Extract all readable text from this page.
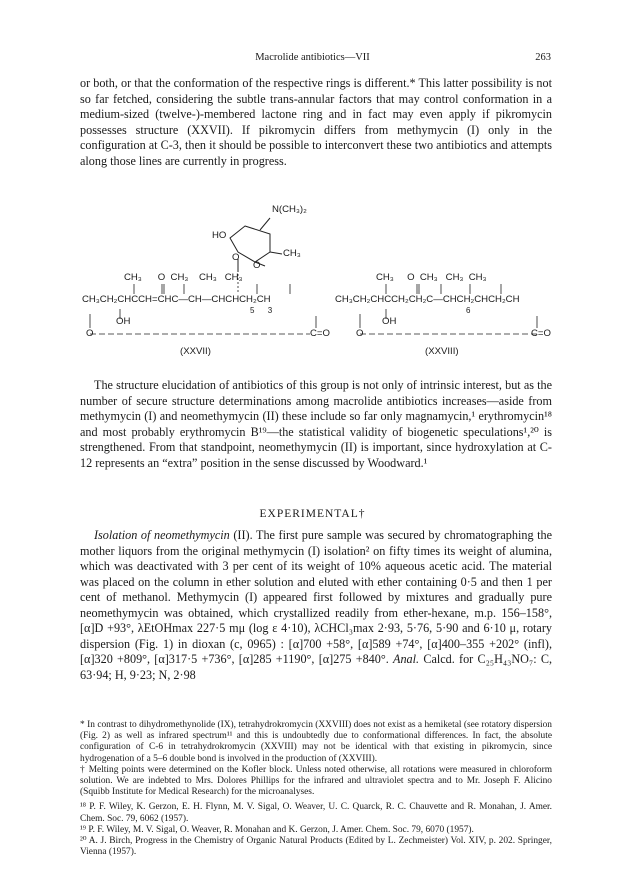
Macrolide antibiotics—VII	263

or both, or that the conformation of the respective rings is different.* This latter possibility is not so far fetched, considering the subtle trans-annular factors that may control conformation in a medium-sized (twelve-)-membered lactone ring and in fact may even apply if pikromycin possesses structure (XXVII). If pikromycin differs from methymycin (I) only in the configuration at C-3, then it should be possible to interconvert these two antibiotics and attempts along those lines are currently in progress.

N(CH₃)₂
HO
O
O	CH₃
CH₃      O  CH₃    CH₃   CH₃
CH₃CH₂CHCCH=CHC—CH—CHCHCH₂CH
5      3
OH
O	C=O
(XXVII)
CH₃     O  CH₃   CH₃  CH₃
CH₃CH₂CHCCH₂CH₂C—CHCH₂CHCH₂CH
6
OH
O	C=O
(XXVIII)

The structure elucidation of antibiotics of this group is not only of intrinsic interest, but as the number of secure structure determinations among macrolide antibiotics increases—aside from methymycin (I) and neomethymycin (II) these include so far only magnamycin,¹ erythromycin¹⁸ and most probably erythromycin B¹⁹—the statistical validity of biogenetic speculations¹,²⁰ is strengthened. From that standpoint, neomethymycin (II) is important, since hydroxylation at C-12 represents an “extra” position in the sense discussed by Woodward.¹

EXPERIMENTAL†

Isolation of neomethymycin (II). The first pure sample was secured by chromatographing the mother liquors from the original methymycin (I) isolation² on fifty times its weight of alumina, which was deactivated with 3 per cent of its weight of 10% aqueous acetic acid. The material was placed on the column in ether solution and eluted with ether containing 0·5 and then 1 per cent of methanol. Methymycin (I) appeared first followed by mixtures and gradually pure neomethymycin was obtained, which crystallized readily from ether-hexane, m.p. 156–158°, [α]D +93°, λEtOHmax 227·5 mμ (log ε 4·10), λCHCl₃max 2·93, 5·76, 5·90 and 6·10 μ, rotary dispersion (Fig. 1) in dioxan (c, 0965) : [α]700 +58°, [α]589 +74°, [α]400–355 +202° (infl), [α]320 +809°, [α]317·5 +736°, [α]285 +1190°, [α]275 +840°. Anal. Calcd. for C₂₅H₄₃NO₇: C, 63·94; H, 9·23; N, 2·98

* In contrast to dihydromethynolide (IX), tetrahydrokromycin (XXVIII) does not exist as a hemiketal (see rotatory dispersion (Fig. 2) as well as infrared spectrum¹¹ and this is undoubtedly due to conformational differences. In fact, the absolute configuration of C-6 in tetrahydrokromycin (XXVIII) may not be identical with that existing in pikromycin, since hydrogenation of a 5–6 double bond is involved in the production of (XXVIII).

† Melting points were determined on the Kofler block. Unless noted otherwise, all rotations were measured in chloroform solution. We are indebted to Mrs. Dolores Phillips for the infrared and ultraviolet spectra and to Mr. Joseph F. Alicino (Squibb Institute for Medical Research) for the microanalyses.

¹⁸ P. F. Wiley, K. Gerzon, E. H. Flynn, M. V. Sigal, O. Weaver, U. C. Quarck, R. C. Chauvette and R. Monahan, J. Amer. Chem. Soc. 79, 6062 (1957).

¹⁹ P. F. Wiley, M. V. Sigal, O. Weaver, R. Monahan and K. Gerzon, J. Amer. Chem. Soc. 79, 6070 (1957).

²⁰ A. J. Birch, Progress in the Chemistry of Organic Natural Products (Edited by L. Zechmeister) Vol. XIV, p. 202. Springer, Vienna (1957).
